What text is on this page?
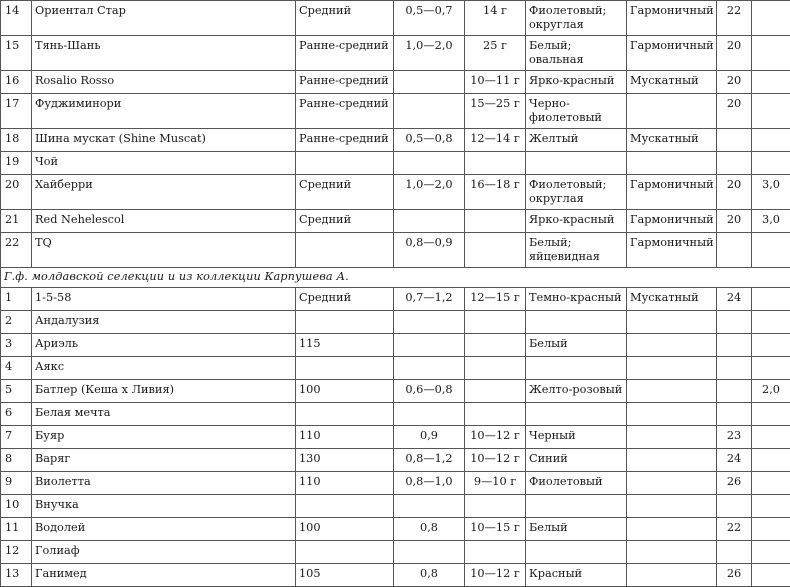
14	Ориентал Стар	Средний	0,5—0,7	14 г	Фиолетовый; округлая	Гармоничный	22	
15	Тянь-Шань	Ранне-средний	1,0—2,0	25 г	Белый; овальная	Гармоничный	20	
16	Rosalio Rosso	Ранне-средний		10—11 г	Ярко-красный	Мускатный	20	
17	Фуджиминори	Ранне-средний		15—25 г	Черно-фиолетовый		20	
18	Шина мускат (Shine Muscat)	Ранне-средний	0,5—0,8	12—14 г	Желтый	Мускатный		
19	Чой							
20	Хайберри	Средний	1,0—2,0	16—18 г	Фиолетовый; округлая	Гармоничный	20	3,0
21	Red Nehelescol	Средний			Ярко-красный	Гармоничный	20	3,0
22	TQ		0,8—0,9		Белый; яйцевидная	Гармоничный		
Г.ф. молдавской селекции и из коллекции Карпушева А.								
1	1-5-58	Средний	0,7—1,2	12—15 г	Темно-красный	Мускатный	24	
2	Андалузия							
3	Ариэль	115			Белый			
4	Аякс							
5	Батлер (Кеша х Ливия)	100	0,6—0,8		Желто-розовый			2,0
6	Белая мечта							
7	Буяр	110	0,9	10—12 г	Черный		23	
8	Варяг	130	0,8—1,2	10—12 г	Синий		24	
9	Виолетта	110	0,8—1,0	9—10 г	Фиолетовый		26	
10	Внучка							
11	Водолей	100	0,8	10—15 г	Белый		22	
12	Голиаф							
13	Ганимед	105	0,8	10—12 г	Красный		26	
